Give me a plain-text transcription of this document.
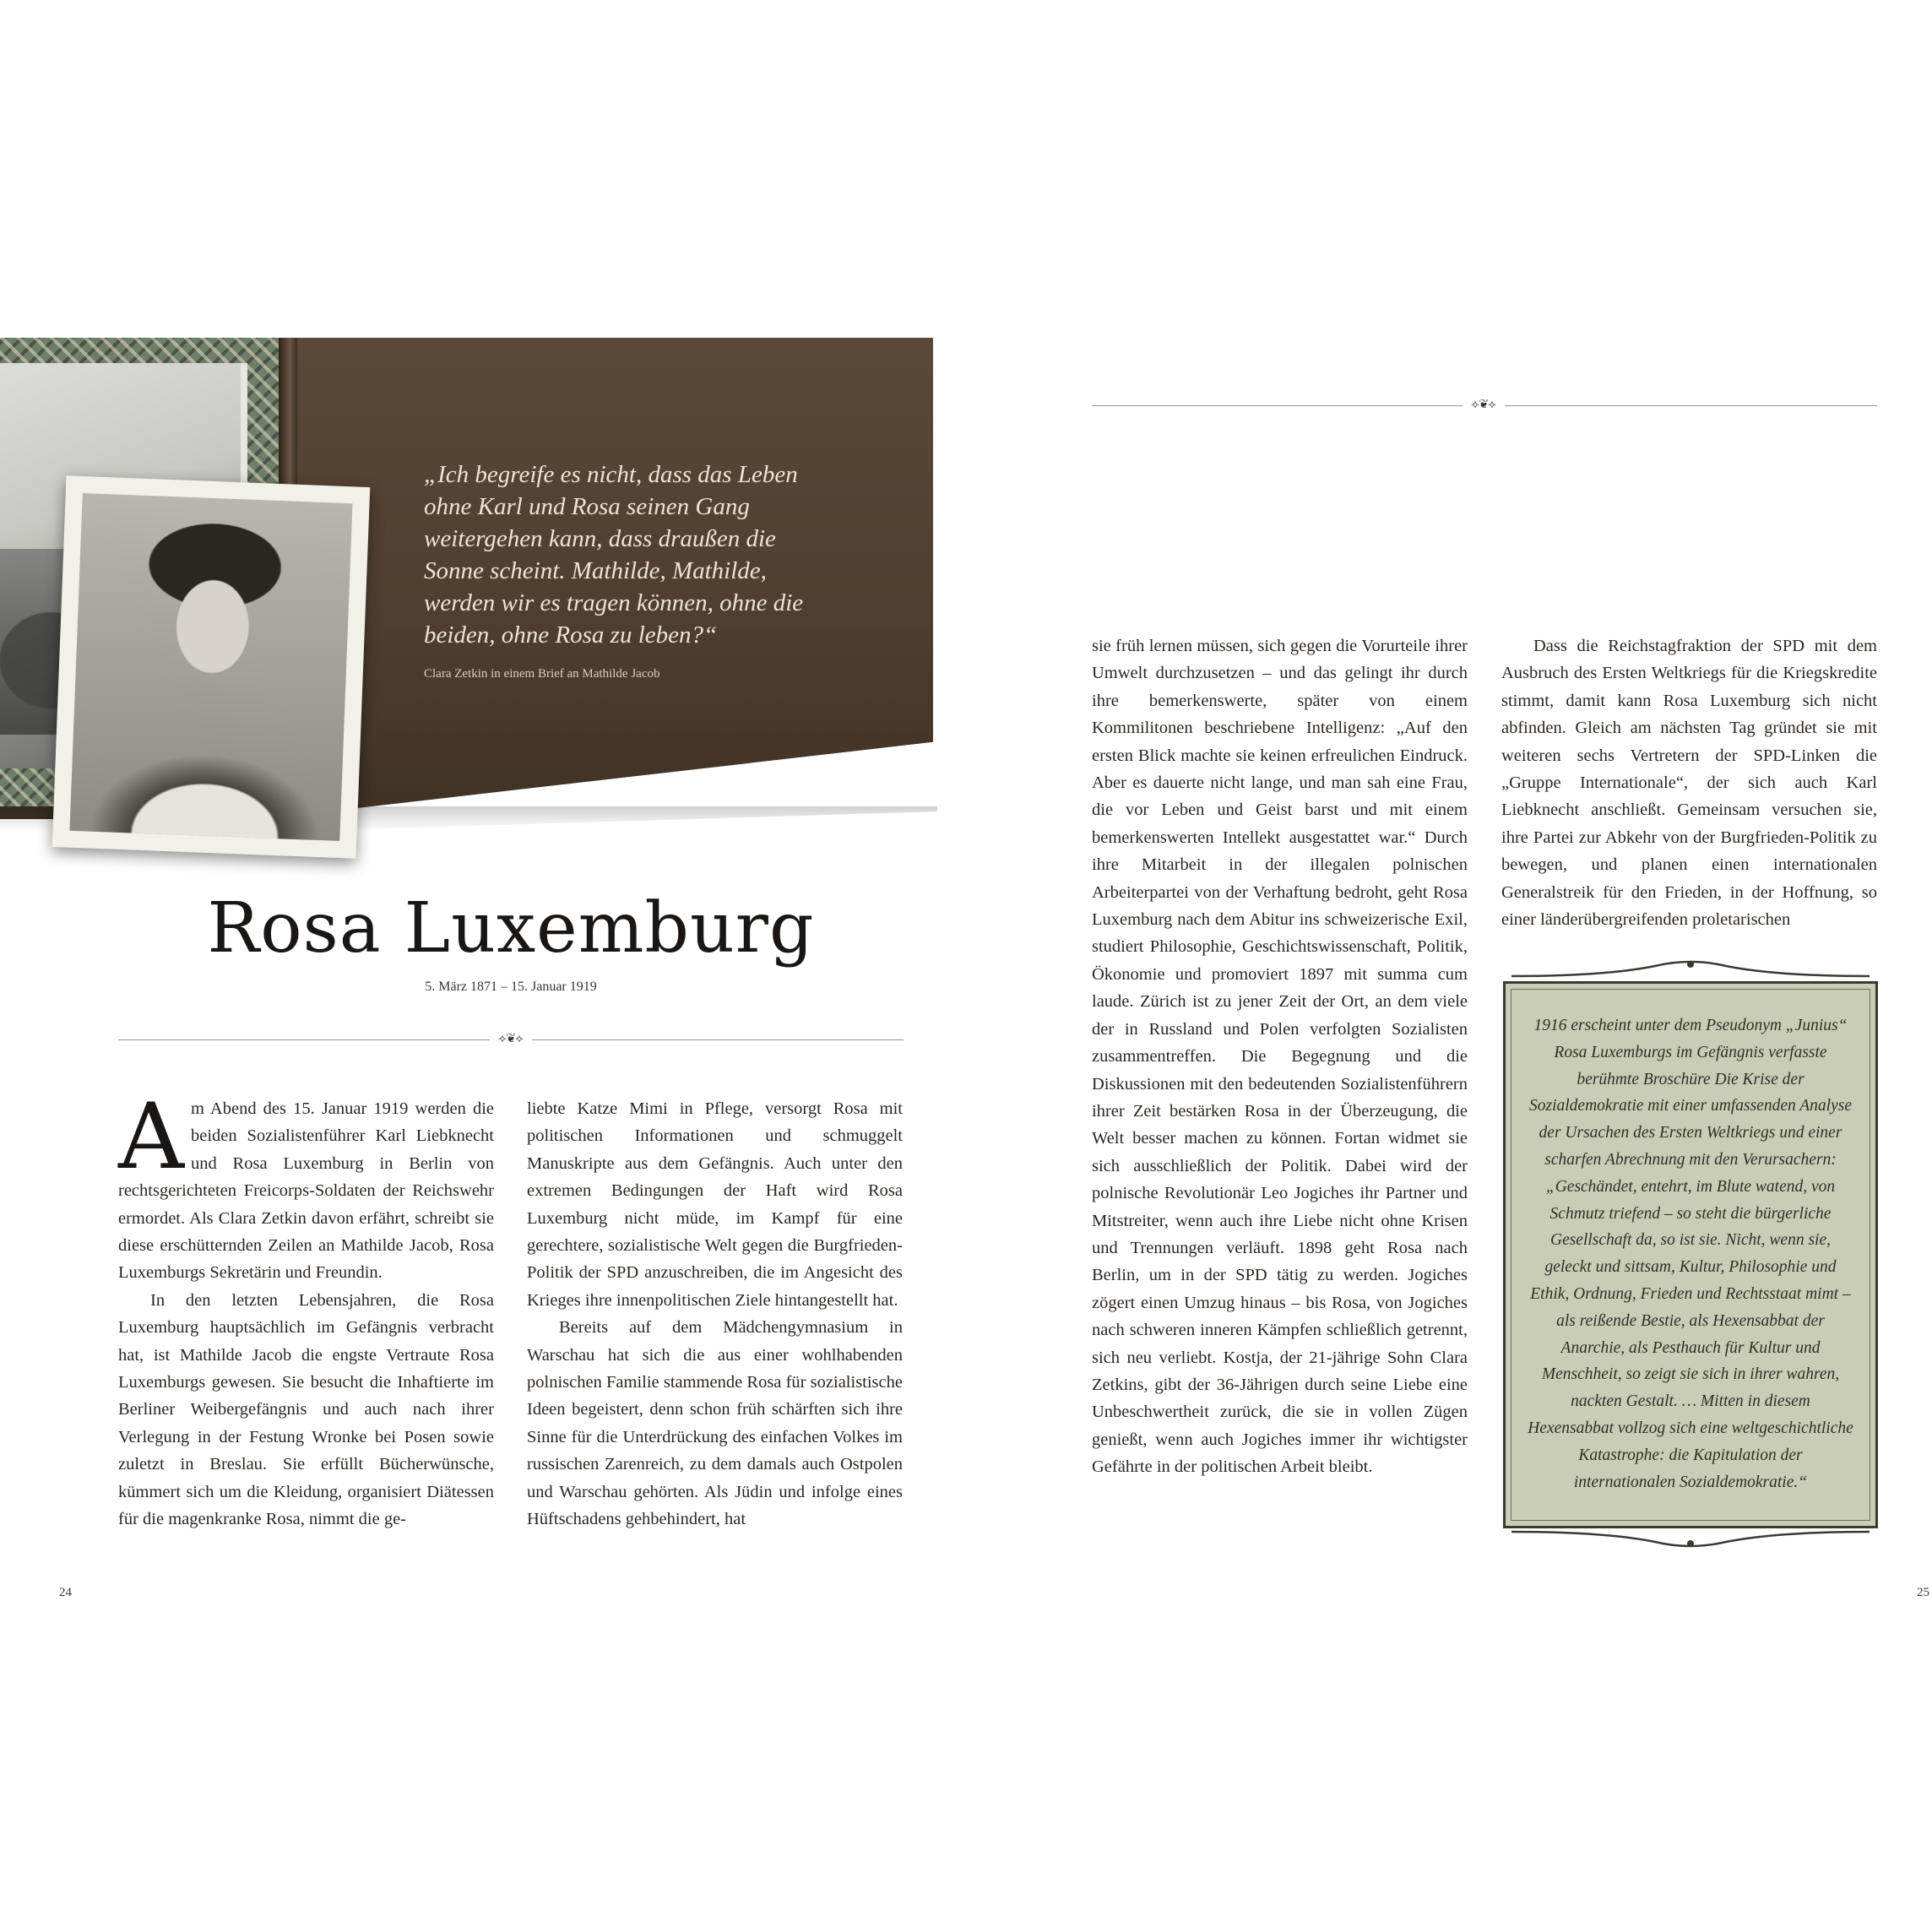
„Ich begreife es nicht, dass das Leben ohne Karl und Rosa seinen Gang weitergehen kann, dass draußen die Sonne scheint. Mathilde, Mathilde, werden wir es tragen können, ohne die beiden, ohne Rosa zu leben?“

Clara Zetkin in einem Brief an Mathilde Jacob
Rosa Luxemburg
5. März 1871 – 15. Januar 1919
⟡❦⟡
⟡❦⟡

Am Abend des 15. Januar 1919 werden die beiden Sozialistenführer Karl Liebknecht und Rosa Luxemburg in Berlin von rechtsgerichteten Freicorps-Soldaten der Reichswehr ermordet. Als Clara Zetkin davon erfährt, schreibt sie diese erschütternden Zeilen an Mathilde Jacob, Rosa Luxemburgs Sekretärin und Freundin.

In den letzten Lebensjahren, die Rosa Luxemburg hauptsächlich im Gefängnis verbracht hat, ist Mathilde Jacob die engste Vertraute Rosa Luxemburgs gewesen. Sie besucht die Inhaftierte im Berliner Weibergefängnis und auch nach ihrer Verlegung in der Festung Wronke bei Posen sowie zuletzt in Breslau. Sie erfüllt Bücherwünsche, kümmert sich um die Kleidung, organisiert Diätessen für die magenkranke Rosa, nimmt die ge-

liebte Katze Mimi in Pflege, versorgt Rosa mit politischen Informationen und schmuggelt Manuskripte aus dem Gefängnis. Auch unter den extremen Bedingungen der Haft wird Rosa Luxemburg nicht müde, im Kampf für eine gerechtere, sozialistische Welt gegen die Burgfrieden-Politik der SPD anzuschreiben, die im Angesicht des Krieges ihre innenpolitischen Ziele hintangestellt hat.

Bereits auf dem Mädchengymnasium in Warschau hat sich die aus einer wohlhabenden polnischen Familie stammende Rosa für sozialistische Ideen begeistert, denn schon früh schärften sich ihre Sinne für die Unterdrückung des einfachen Volkes im russischen Zarenreich, zu dem damals auch Ostpolen und Warschau gehörten. Als Jüdin und infolge eines Hüftschadens gehbehindert, hat

sie früh lernen müssen, sich gegen die Vorurteile ihrer Umwelt durchzusetzen – und das gelingt ihr durch ihre bemerkenswerte, später von einem Kommilitonen beschriebene Intelligenz: „Auf den ersten Blick machte sie keinen erfreulichen Eindruck. Aber es dauerte nicht lange, und man sah eine Frau, die vor Leben und Geist barst und mit einem bemerkenswerten Intellekt ausgestattet war.“ Durch ihre Mitarbeit in der illegalen polnischen Arbeiterpartei von der Verhaftung bedroht, geht Rosa Luxemburg nach dem Abitur ins schweizerische Exil, studiert Philosophie, Geschichtswissenschaft, Politik, Ökonomie und promoviert 1897 mit summa cum laude. Zürich ist zu jener Zeit der Ort, an dem viele der in Russland und Polen verfolgten Sozialisten zusammentreffen. Die Begegnung und die Diskussionen mit den bedeutenden Sozialistenführern ihrer Zeit bestärken Rosa in der Überzeugung, die Welt besser machen zu können. Fortan widmet sie sich ausschließlich der Politik. Dabei wird der polnische Revolutionär Leo Jogiches ihr Partner und Mitstreiter, wenn auch ihre Liebe nicht ohne Krisen und Trennungen verläuft. 1898 geht Rosa nach Berlin, um in der SPD tätig zu werden. Jogiches zögert einen Umzug hinaus – bis Rosa, von Jogiches nach schweren inneren Kämpfen schließlich getrennt, sich neu verliebt. Kostja, der 21-jährige Sohn Clara Zetkins, gibt der 36-Jährigen durch seine Liebe eine Unbeschwertheit zurück, die sie in vollen Zügen genießt, wenn auch Jogiches immer ihr wichtigster Gefährte in der politischen Arbeit bleibt.

Dass die Reichstagfraktion der SPD mit dem Ausbruch des Ersten Weltkriegs für die Kriegskredite stimmt, damit kann Rosa Luxemburg sich nicht abfinden. Gleich am nächsten Tag gründet sie mit weiteren sechs Vertretern der SPD-Linken die „Gruppe Internationale“, der sich auch Karl Liebknecht anschließt. Gemeinsam versuchen sie, ihre Partei zur Abkehr von der Burgfrieden-Politik zu bewegen, und planen einen internationalen Generalstreik für den Frieden, in der Hoffnung, so einer länderübergreifenden proletarischen

1916 erscheint unter dem Pseudonym „Junius“ Rosa Luxemburgs im Gefängnis verfasste berühmte Broschüre Die Krise der Sozialdemokratie mit einer umfassenden Analyse der Ursachen des Ersten Weltkriegs und einer scharfen Abrechnung mit den Verursachern: „Geschändet, entehrt, im Blute watend, von Schmutz triefend – so steht die bürgerliche Gesellschaft da, so ist sie. Nicht, wenn sie, geleckt und sittsam, Kultur, Philosophie und Ethik, Ordnung, Frieden und Rechtsstaat mimt – als reißende Bestie, als Hexensabbat der Anarchie, als Pesthauch für Kultur und Menschheit, so zeigt sie sich in ihrer wahren, nackten Gestalt. … Mitten in diesem Hexensabbat vollzog sich eine weltgeschichtliche Katastrophe: die Kapitulation der internationalen Sozialdemokratie.“

24	25
